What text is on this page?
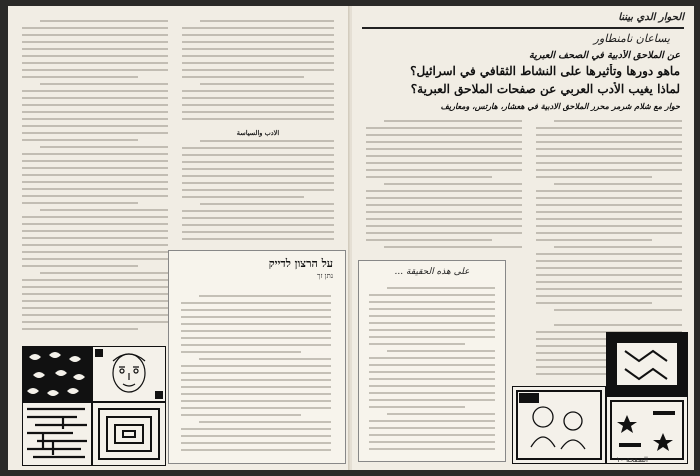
الادب والسياسة
על הרצון לדייק
נתן זך
الحوار الدي بيننا
يساعان نامنطاور
عن الملاحق الأدبية في الصحف العبرية
ماهو دورها وتأثيرها على النشاط الثقافي في اسرائيل؟
لماذا يغيب الأدب العربي عن صفحات الملاحق العبرية؟
حوار مع شلام شرمر محرر الملاحق الادبية في هعشار، هارتس، ومعاريف
على هذه الحقيقة ...
الصفحة ١٠
